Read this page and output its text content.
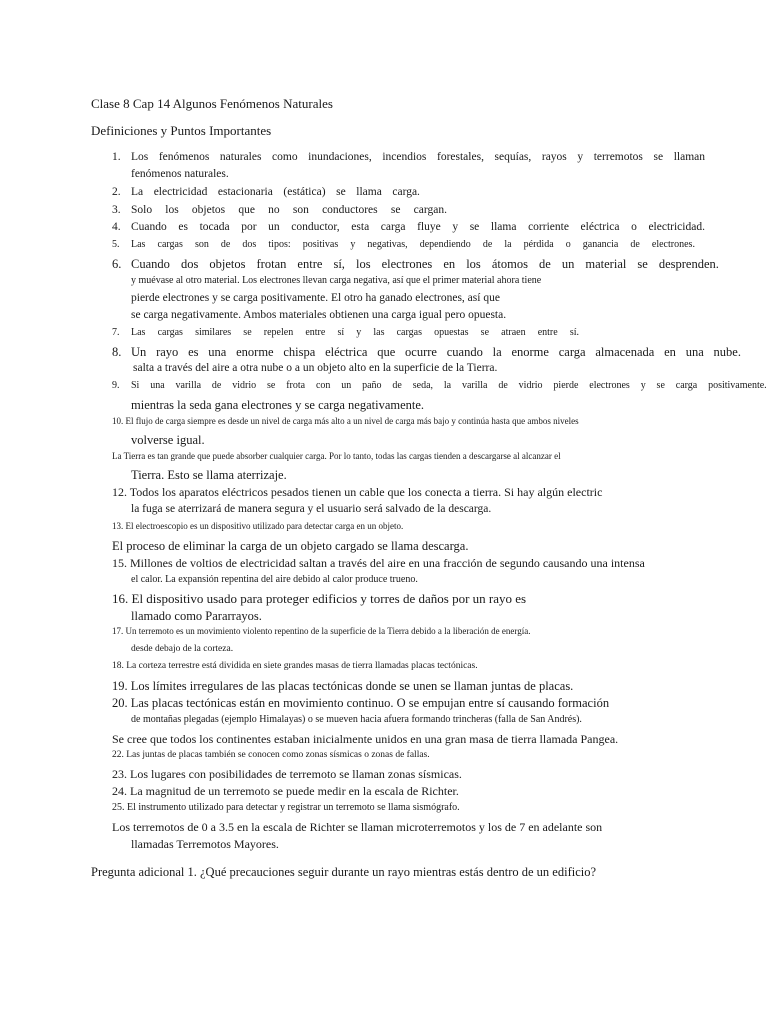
Clase 8 Cap 14 Algunos Fenómenos Naturales
Definiciones y Puntos Importantes
1. Los fenómenos naturales como inundaciones, incendios forestales, sequías, rayos y terremotos se llaman
fenómenos naturales.
2. La electricidad estacionaria (estática) se llama carga.
3. Solo los objetos que no son conductores se cargan.
4. Cuando es tocada por un conductor, esta carga fluye y se llama corriente eléctrica o electricidad.
5. Las cargas son de dos tipos: positivas y negativas, dependiendo de la pérdida o ganancia de electrones.
6. Cuando dos objetos frotan entre sí, los electrones en los átomos de un material se desprenden.
y muévase al otro material. Los electrones llevan carga negativa, así que el primer material ahora tiene
pierde electrones y se carga positivamente. El otro ha ganado electrones, así que
se carga negativamente. Ambos materiales obtienen una carga igual pero opuesta.
7. Las cargas similares se repelen entre sí y las cargas opuestas se atraen entre sí.
8. Un rayo es una enorme chispa eléctrica que ocurre cuando la enorme carga almacenada en una nube.
salta a través del aire a otra nube o a un objeto alto en la superficie de la Tierra.
9. Si una varilla de vidrio se frota con un paño de seda, la varilla de vidrio pierde electrones y se carga positivamente.
mientras la seda gana electrones y se carga negativamente.
10. El flujo de carga siempre es desde un nivel de carga más alto a un nivel de carga más bajo y continúa hasta que ambos niveles
volverse igual.
La Tierra es tan grande que puede absorber cualquier carga. Por lo tanto, todas las cargas tienden a descargarse al alcanzar el
Tierra. Esto se llama aterrizaje.
12. Todos los aparatos eléctricos pesados tienen un cable que los conecta a tierra. Si hay algún electric
la fuga se aterrizará de manera segura y el usuario será salvado de la descarga.
13. El electroescopio es un dispositivo utilizado para detectar carga en un objeto.
El proceso de eliminar la carga de un objeto cargado se llama descarga.
15. Millones de voltios de electricidad saltan a través del aire en una fracción de segundo causando una intensa
el calor. La expansión repentina del aire debido al calor produce trueno.
16. El dispositivo usado para proteger edificios y torres de daños por un rayo es
llamado como Pararrayos.
17. Un terremoto es un movimiento violento repentino de la superficie de la Tierra debido a la liberación de energía.
desde debajo de la corteza.
18. La corteza terrestre está dividida en siete grandes masas de tierra llamadas placas tectónicas.
19. Los límites irregulares de las placas tectónicas donde se unen se llaman juntas de placas.
20. Las placas tectónicas están en movimiento continuo. O se empujan entre sí causando formación
de montañas plegadas (ejemplo Himalayas) o se mueven hacia afuera formando trincheras (falla de San Andrés).
Se cree que todos los continentes estaban inicialmente unidos en una gran masa de tierra llamada Pangea.
22. Las juntas de placas también se conocen como zonas sísmicas o zonas de fallas.
23. Los lugares con posibilidades de terremoto se llaman zonas sísmicas.
24. La magnitud de un terremoto se puede medir en la escala de Richter.
25. El instrumento utilizado para detectar y registrar un terremoto se llama sismógrafo.
Los terremotos de 0 a 3.5 en la escala de Richter se llaman microterremotos y los de 7 en adelante son
llamadas Terremotos Mayores.
Pregunta adicional 1. ¿Qué precauciones seguir durante un rayo mientras estás dentro de un edificio?
